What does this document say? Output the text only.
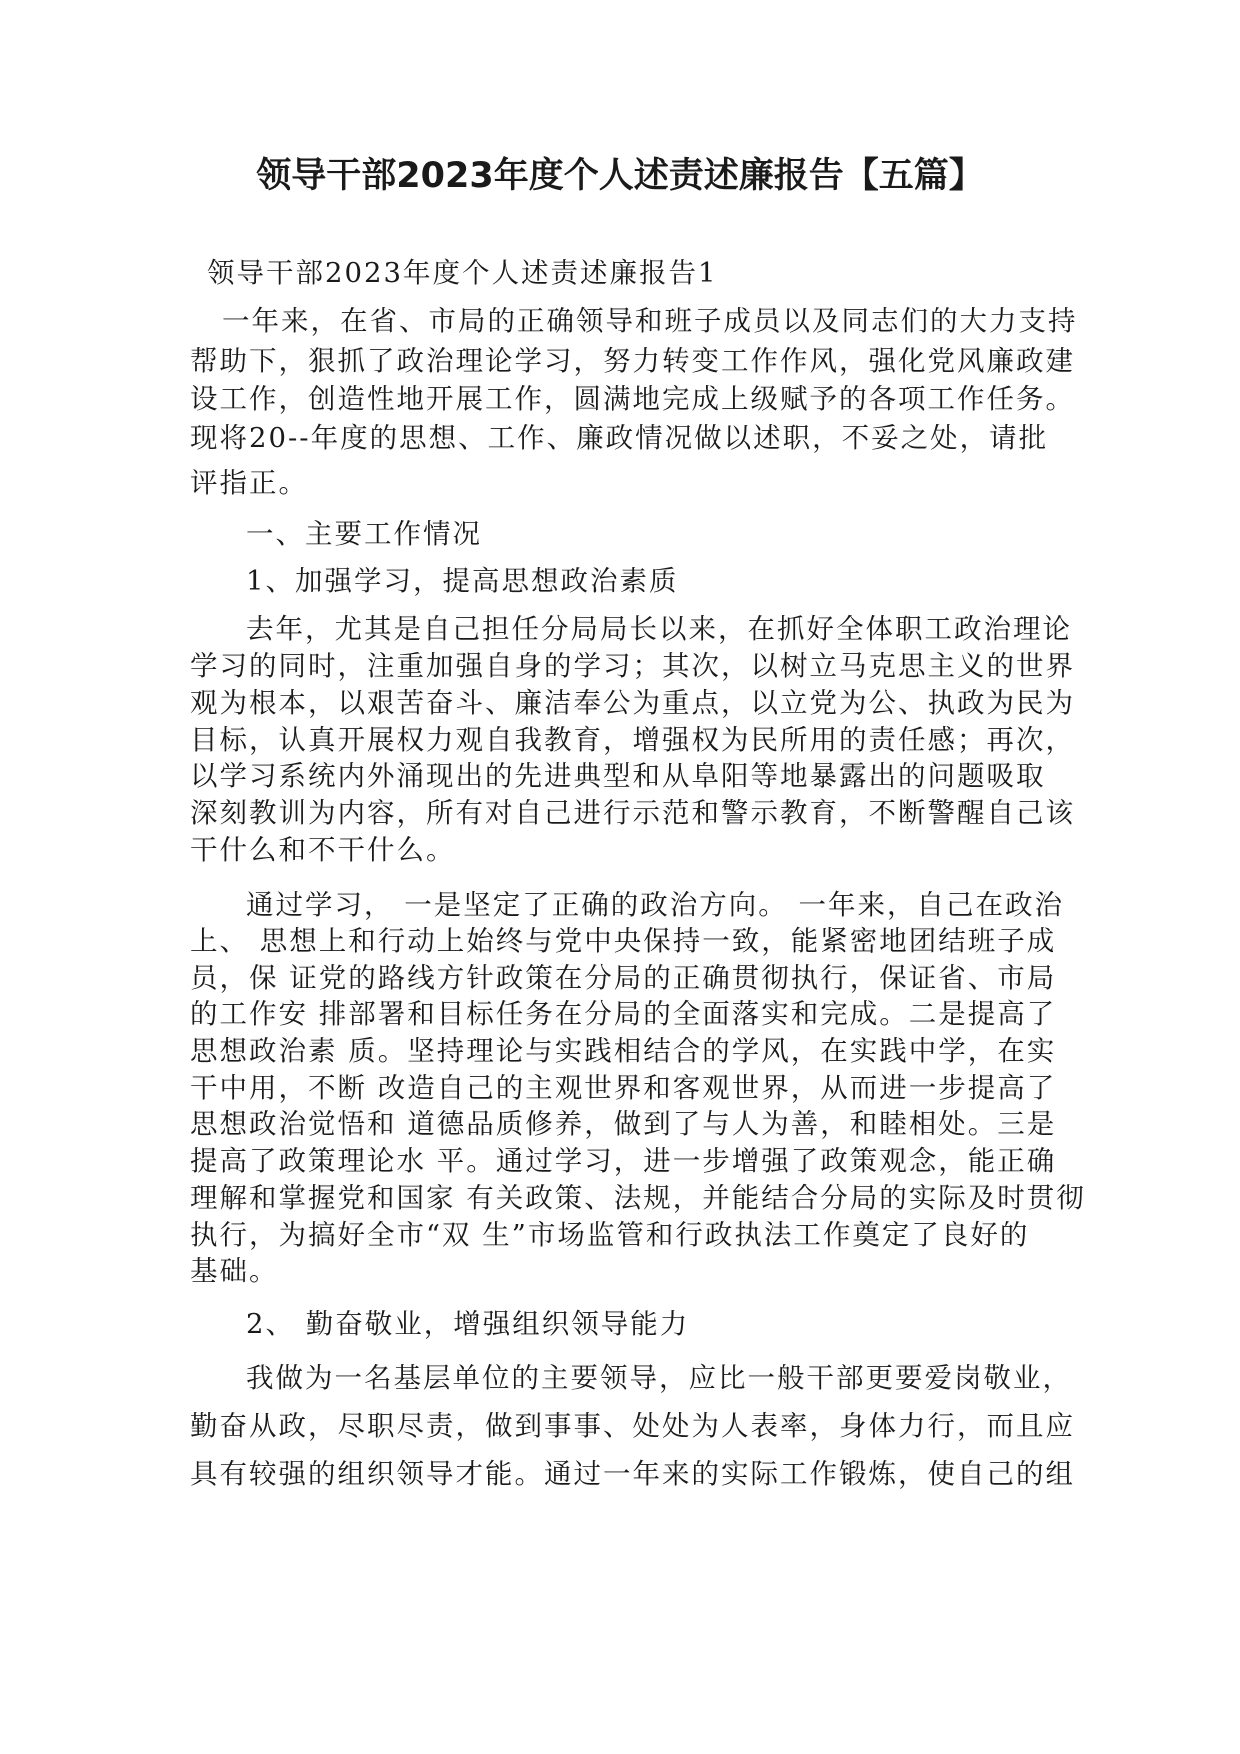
领导干部2023年度个人述责述廉报告【五篇】
领导干部2023年度个人述责述廉报告1
一年来，在省、市局的正确领导和班子成员以及同志们的大力支持
帮助下，狠抓了政治理论学习，努力转变工作作风，强化党风廉政建
设工作，创造性地开展工作，圆满地完成上级赋予的各项工作任务。
现将20--年度的思想、工作、廉政情况做以述职，不妥之处，请批
评指正。
一、主要工作情况
1、加强学习，提高思想政治素质
去年，尤其是自己担任分局局长以来，在抓好全体职工政治理论
学习的同时，注重加强自身的学习；其次，以树立马克思主义的世界
观为根本，以艰苦奋斗、廉洁奉公为重点，以立党为公、执政为民为
目标，认真开展权力观自我教育，增强权为民所用的责任感；再次，
以学习系统内外涌现出的先进典型和从阜阳等地暴露出的问题吸取
深刻教训为内容，所有对自己进行示范和警示教育，不断警醒自己该
干什么和不干什么。
通过学习， 一是坚定了正确的政治方向。 一年来，自己在政治
上、 思想上和行动上始终与党中央保持一致，能紧密地团结班子成
员，保 证党的路线方针政策在分局的正确贯彻执行，保证省、市局
的工作安 排部署和目标任务在分局的全面落实和完成。二是提高了
思想政治素 质。坚持理论与实践相结合的学风，在实践中学，在实
干中用，不断 改造自己的主观世界和客观世界，从而进一步提高了
思想政治觉悟和 道德品质修养，做到了与人为善，和睦相处。三是
提高了政策理论水 平。通过学习，进一步增强了政策观念，能正确
理解和掌握党和国家 有关政策、法规，并能结合分局的实际及时贯彻
执行，为搞好全市“双 生”市场监管和行政执法工作奠定了良好的
基础。
2、 勤奋敬业，增强组织领导能力
我做为一名基层单位的主要领导，应比一般干部更要爱岗敬业，
勤奋从政，尽职尽责，做到事事、处处为人表率，身体力行，而且应
具有较强的组织领导才能。通过一年来的实际工作锻炼，使自己的组
